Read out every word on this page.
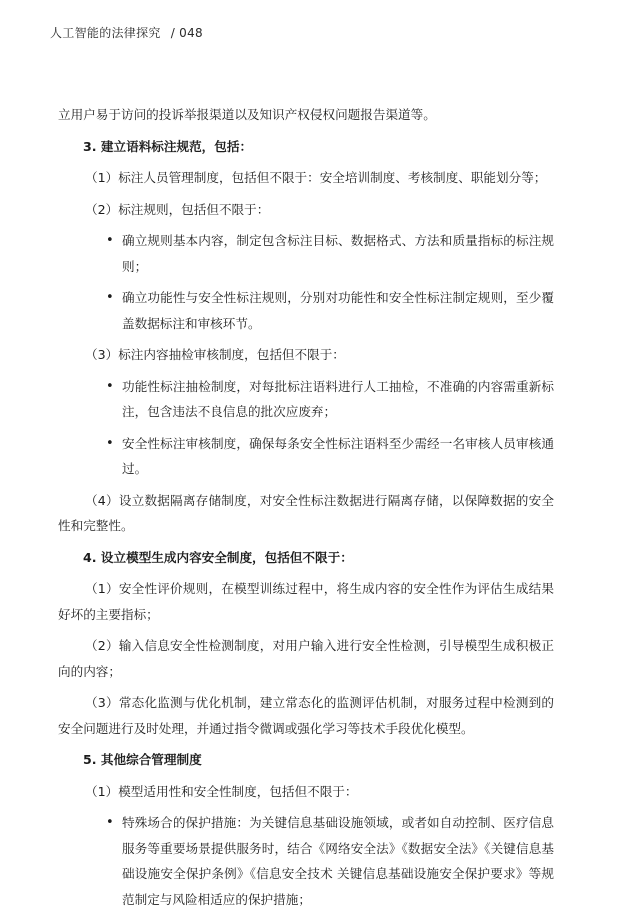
人工智能的法律探究 / 048

立用户易于访问的投诉举报渠道以及知识产权侵权问题报告渠道等。

3. 建立语料标注规范，包括：

（1）标注人员管理制度，包括但不限于：安全培训制度、考核制度、职能划分等；

（2）标注规则，包括但不限于：

• 确立规则基本内容，制定包含标注目标、数据格式、方法和质量指标的标注规则；
• 确立功能性与安全性标注规则，分别对功能性和安全性标注制定规则，至少覆盖数据标注和审核环节。

（3）标注内容抽检审核制度，包括但不限于：

• 功能性标注抽检制度，对每批标注语料进行人工抽检，不准确的内容需重新标注，包含违法不良信息的批次应废弃；
• 安全性标注审核制度，确保每条安全性标注语料至少需经一名审核人员审核通过。

（4）设立数据隔离存储制度，对安全性标注数据进行隔离存储，以保障数据的安全性和完整性。

4. 设立模型生成内容安全制度，包括但不限于：

（1）安全性评价规则，在模型训练过程中，将生成内容的安全性作为评估生成结果好坏的主要指标；

（2）输入信息安全性检测制度，对用户输入进行安全性检测，引导模型生成积极正向的内容；

（3）常态化监测与优化机制，建立常态化的监测评估机制，对服务过程中检测到的安全问题进行及时处理，并通过指令微调或强化学习等技术手段优化模型。

5. 其他综合管理制度

（1）模型适用性和安全性制度，包括但不限于：

• 特殊场合的保护措施：为关键信息基础设施领域，或者如自动控制、医疗信息服务等重要场景提供服务时，结合《网络安全法》《数据安全法》《关键信息基础设施安全保护条例》《信息安全技术 关键信息基础设施安全保护要求》等规范制定与风险相适应的保护措施；
